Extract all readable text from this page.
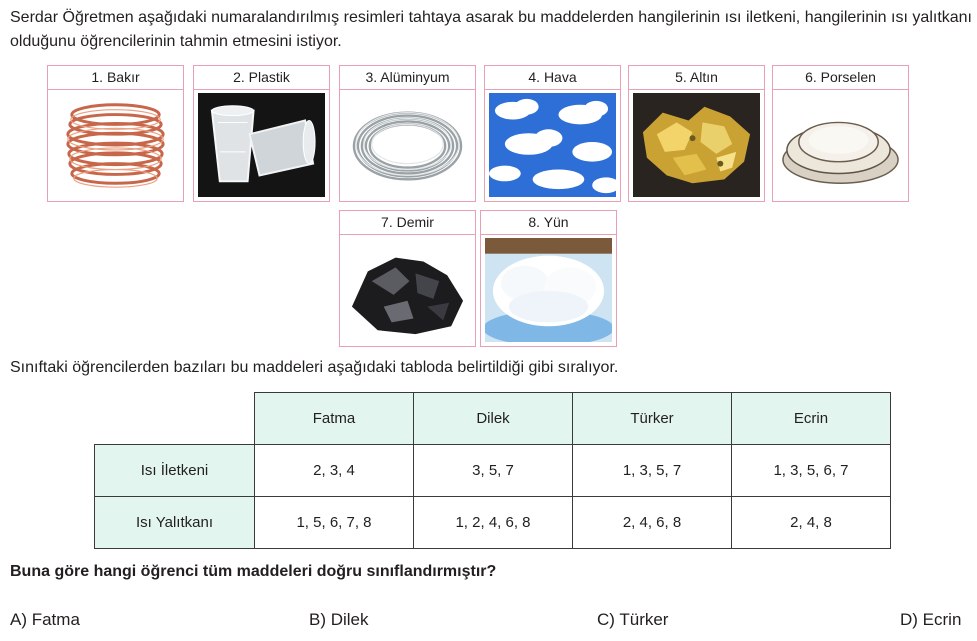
Serdar Öğretmen aşağıdaki numaralandırılmış resimleri tahtaya asarak bu maddelerden hangilerinin ısı iletkeni, hangilerinin ısı yalıtkanı olduğunu öğrencilerinin tahmin etmesini istiyor.

1. Bakır	2. Plastik	3. Alüminyum	4. Hava	5. Altın	6. Porselen
7. Demir	8. Yün

Sınıftaki öğrencilerden bazıları bu maddeleri aşağıdaki tabloda belirtildiği gibi sıralıyor.

	Fatma	Dilek	Türker	Ecrin
Isı İletkeni	2, 3, 4	3, 5, 7	1, 3, 5, 7	1, 3, 5, 6, 7
Isı Yalıtkanı	1, 5, 6, 7, 8	1, 2, 4, 6, 8	2, 4, 6, 8	2, 4, 8

Buna göre hangi öğrenci tüm maddeleri doğru sınıflandırmıştır?

A) Fatma	B) Dilek	C) Türker	D) Ecrin
